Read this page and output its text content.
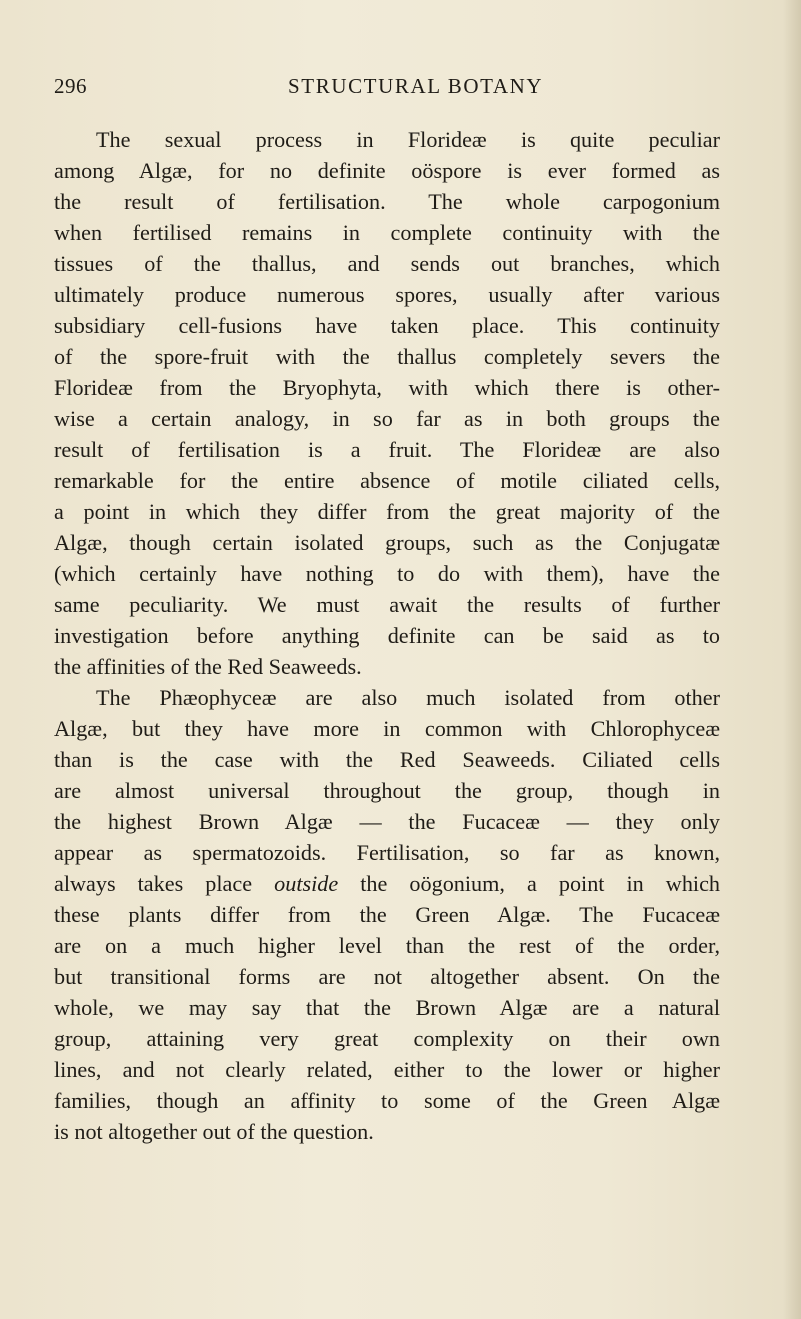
296	STRUCTURAL BOTANY
The sexual process in Florideæ is quite peculiar
among Algæ, for no definite oöspore is ever formed as
the result of fertilisation. The whole carpogonium
when fertilised remains in complete continuity with the
tissues of the thallus, and sends out branches, which
ultimately produce numerous spores, usually after various
subsidiary cell-fusions have taken place. This continuity
of the spore-fruit with the thallus completely severs the
Florideæ from the Bryophyta, with which there is other-
wise a certain analogy, in so far as in both groups the
result of fertilisation is a fruit. The Florideæ are also
remarkable for the entire absence of motile ciliated cells,
a point in which they differ from the great majority of the
Algæ, though certain isolated groups, such as the Conjugatæ
(which certainly have nothing to do with them), have the
same peculiarity. We must await the results of further
investigation before anything definite can be said as to
the affinities of the Red Seaweeds.
The Phæophyceæ are also much isolated from other
Algæ, but they have more in common with Chlorophyceæ
than is the case with the Red Seaweeds. Ciliated cells
are almost universal throughout the group, though in
the highest Brown Algæ — the Fucaceæ — they only
appear as spermatozoids. Fertilisation, so far as known,
always takes place outside the oögonium, a point in which
these plants differ from the Green Algæ. The Fucaceæ
are on a much higher level than the rest of the order,
but transitional forms are not altogether absent. On the
whole, we may say that the Brown Algæ are a natural
group, attaining very great complexity on their own
lines, and not clearly related, either to the lower or higher
families, though an affinity to some of the Green Algæ
is not altogether out of the question.
